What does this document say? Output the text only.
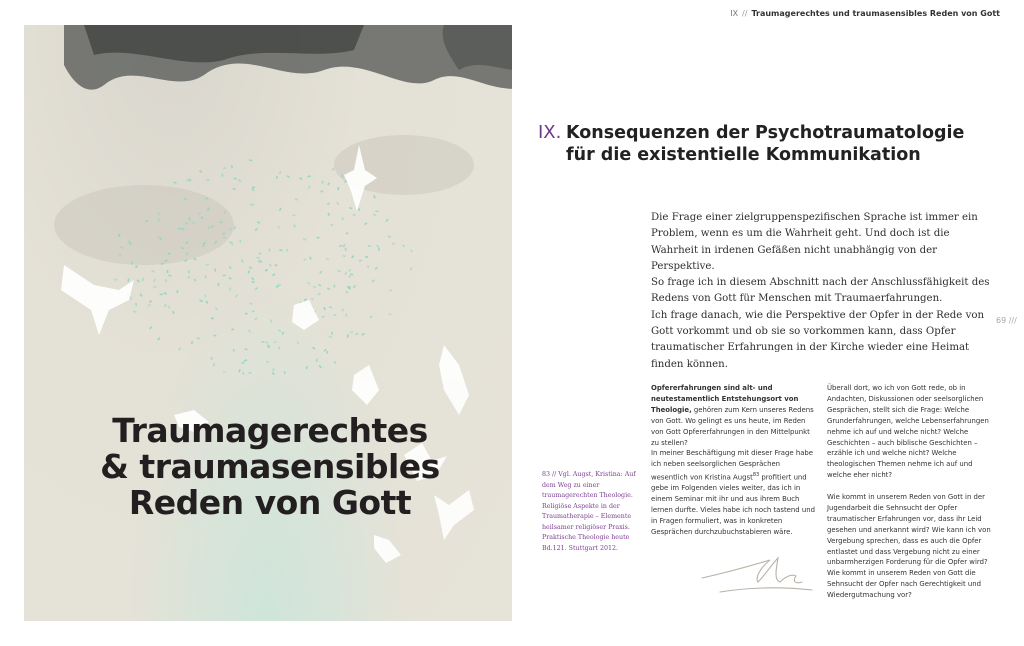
Traumagerechtes
& traumasensibles
Reden von Gott
IX // Traumagerechtes und traumasensibles Reden von Gott
IX. Konsequenzen der Psychotraumatologie
für die existentielle Kommunikation

Die Frage einer zielgruppenspezifischen Sprache ist immer ein Problem, wenn es um die Wahrheit geht. Und doch ist die Wahrheit in irdenen Gefäßen nicht unabhängig von der Perspektive.

So frage ich in diesem Abschnitt nach der Anschlussfähigkeit des Redens von Gott für Menschen mit Traumaerfahrungen.

Ich frage danach, wie die Perspektive der Opfer in der Rede von Gott vorkommt und ob sie so vorkommen kann, dass Opfer traumatischer Erfahrungen in der Kirche wieder eine Heimat finden können.

69 ///
83 // Vgl. Augst, Kristina: Auf dem Weg zu einer traumagerechten Theologie. Religiöse Aspekte in der Traumatherapie – Elemente heilsamer religiöser Praxis. Praktische Theologie heute Bd.121. Stuttgart 2012.

Opfererfahrungen sind alt- und neutestamentlich Entstehungsort von Theologie, gehören zum Kern unseres Redens von Gott. Wo gelingt es uns heute, im Reden von Gott Opfererfahrungen in den Mittelpunkt zu stellen?

In meiner Beschäftigung mit dieser Frage habe ich neben seelsorglichen Gesprächen wesentlich von Kristina Augst$^{83}$ profitiert und gebe im Folgenden vieles weiter, das ich in einem Seminar mit ihr und aus ihrem Buch lernen durfte. Vieles habe ich noch tastend und in Fragen formuliert, was in konkreten Gesprächen durchzubuchstabieren wäre.

Überall dort, wo ich von Gott rede, ob in Andachten, Diskussionen oder seelsorglichen Gesprächen, stellt sich die Frage: Welche Grunderfahrungen, welche Lebenserfahrungen nehme ich auf und welche nicht? Welche Geschichten – auch biblische Geschichten – erzähle ich und welche nicht? Welche theologischen Themen nehme ich auf und welche eher nicht?

Wie kommt in unserem Reden von Gott in der Jugendarbeit die Sehnsucht der Opfer traumatischer Erfahrungen vor, dass ihr Leid gesehen und anerkannt wird? Wie kann ich von Vergebung sprechen, dass es auch die Opfer entlastet und dass Vergebung nicht zu einer unbarmherzigen Forderung für die Opfer wird? Wie kommt in unserem Reden von Gott die Sehnsucht der Opfer nach Gerechtigkeit und Wiedergutmachung vor?
